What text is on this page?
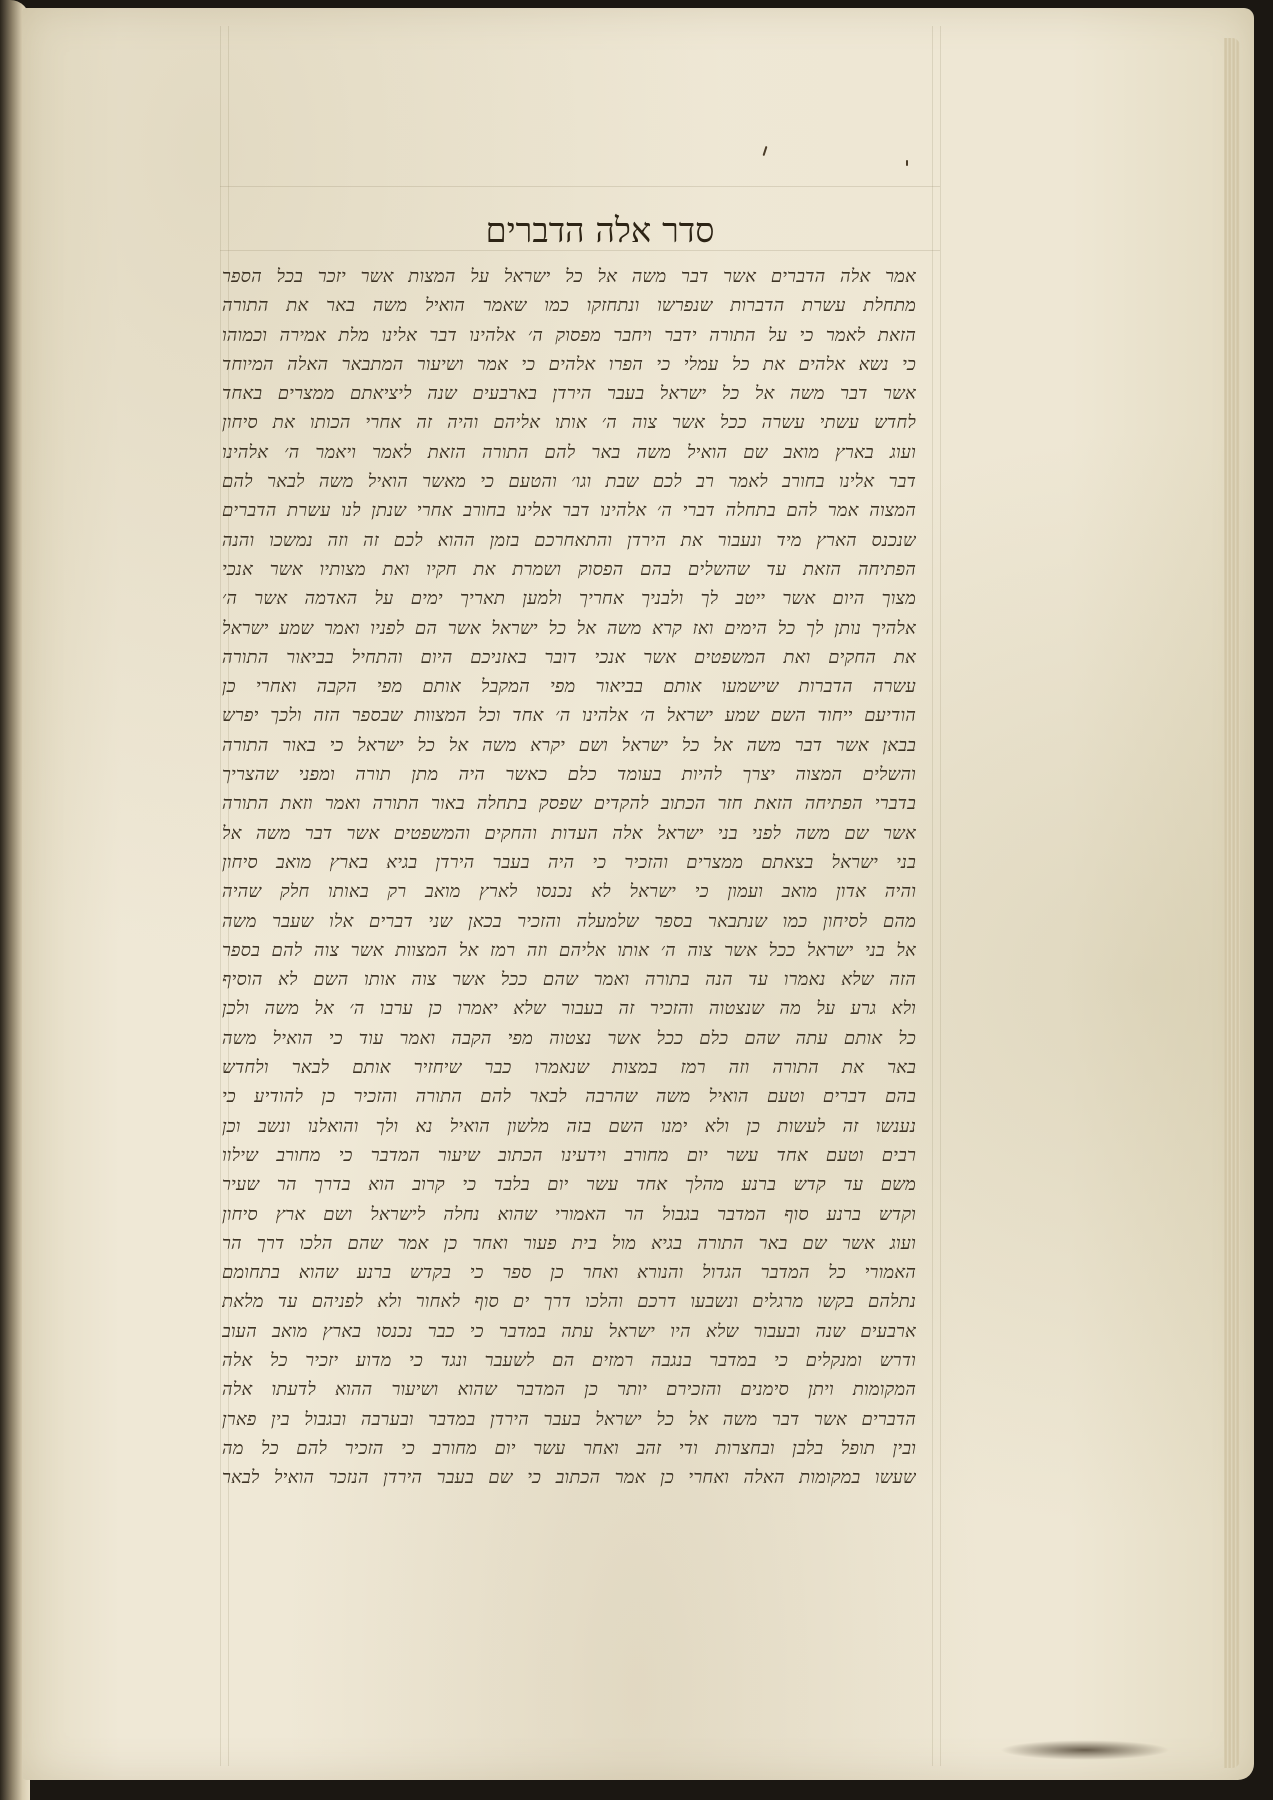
סדר אלה הדברים
אמר אלה הדברים אשר דבר משה אל כל ישראל על המצות אשר יזכר בכל הספר
מתחלת עשרת הדברות שנפרשו ונתחזקו כמו שאמר הואיל משה באר את התורה
הזאת לאמר כי על התורה ידבר ויחבר מפסוק ה׳ אלהינו דבר אלינו מלת אמירה וכמוהו
כי נשא אלהים את כל עמלי כי הפרו אלהים כי אמר ושיעור המתבאר האלה המיוחד
אשר דבר משה אל כל ישראל בעבר הירדן בארבעים שנה ליציאתם ממצרים באחד
לחדש עשתי עשרה ככל אשר צוה ה׳ אותו אליהם והיה זה אחרי הכותו את סיחון
ועוג בארץ מואב שם הואיל משה באר להם התורה הזאת לאמר ויאמר ה׳ אלהינו
דבר אלינו בחורב לאמר רב לכם שבת וגו׳ והטעם כי מאשר הואיל משה לבאר להם
המצוה אמר להם בתחלה דברי ה׳ אלהינו דבר אלינו בחורב אחרי שנתן לנו עשרת הדברים
שנכנס הארץ מיד ונעבור את הירדן והתאחרכם בזמן ההוא לכם זה וזה נמשכו והנה
הפתיחה הזאת עד שהשלים בהם הפסוק ושמרת את חקיו ואת מצותיו אשר אנכי
מצוך היום אשר ייטב לך ולבניך אחריך ולמען תאריך ימים על האדמה אשר ה׳
אלהיך נותן לך כל הימים ואז קרא משה אל כל ישראל אשר הם לפניו ואמר שמע ישראל
את החקים ואת המשפטים אשר אנכי דובר באזניכם היום והתחיל בביאור התורה
עשרה הדברות שישמעו אותם בביאור מפי המקבל אותם מפי הקבה ואחרי כן
הודיעם ייחוד השם שמע ישראל ה׳ אלהינו ה׳ אחד וכל המצוות שבספר הזה ולכך יפרש
בבאן אשר דבר משה אל כל ישראל ושם יקרא משה אל כל ישראל כי באור התורה
והשלים המצוה יצרך להיות בעומד כלם כאשר היה מתן תורה ומפני שהצריך
בדברי הפתיחה הזאת חזר הכתוב להקדים שפסק בתחלה באור התורה ואמר וזאת התורה
אשר שם משה לפני בני ישראל אלה העדות והחקים והמשפטים אשר דבר משה אל
בני ישראל בצאתם ממצרים והזכיר כי היה בעבר הירדן בגיא בארץ מואב סיחון
והיה אדון מואב ועמון כי ישראל לא נכנסו לארץ מואב רק באותו חלק שהיה
מהם לסיחון כמו שנתבאר בספר שלמעלה והזכיר בכאן שני דברים אלו שעבר משה
אל בני ישראל ככל אשר צוה ה׳ אותו אליהם וזה רמז אל המצוות אשר צוה להם בספר
הזה שלא נאמרו עד הנה בתורה ואמר שהם ככל אשר צוה אותו השם לא הוסיף
ולא גרע על מה שנצטוה והזכיר זה בעבור שלא יאמרו כן ערבו ה׳ אל משה ולכן
כל אותם עתה שהם כלם ככל אשר נצטוה מפי הקבה ואמר עוד כי הואיל משה
באר את התורה וזה רמז במצות שנאמרו כבר שיחזיר אותם לבאר ולחדש
בהם דברים וטעם הואיל משה שהרבה לבאר להם התורה והזכיר כן להודיע כי
נענשו זה לעשות כן ולא ימנו השם בזה מלשון הואיל נא ולך והואלנו ונשב וכן
רבים וטעם אחד עשר יום מחורב וידעינו הכתוב שיעור המדבר כי מחורב שילוו
משם עד קדש ברנע מהלך אחד עשר יום בלבד כי קרוב הוא בדרך הר שעיר
וקדש ברנע סוף המדבר בגבול הר האמורי שהוא נחלה לישראל ושם ארץ סיחון
ועוג אשר שם באר התורה בגיא מול בית פעור ואחר כן אמר שהם הלכו דרך הר
האמורי כל המדבר הגדול והנורא ואחר כן ספר כי בקדש ברנע שהוא בתחומם
נתלהם בקשו מרגלים ונשבעו דרכם והלכו דרך ים סוף לאחור ולא לפניהם עד מלאת
ארבעים שנה ובעבור שלא היו ישראל עתה במדבר כי כבר נכנסו בארץ מואב העוב
ודרש ומנקלים כי במדבר בנגבה רמזים הם לשעבר ונגד כי מדוע יזכיר כל אלה
המקומות ויתן סימנים והזכירם יותר כן המדבר שהוא ושיעור ההוא לדעתו אלה
הדברים אשר דבר משה אל כל ישראל בעבר הירדן במדבר ובערבה ובגבול בין פארן
ובין תופל בלבן ובחצרות ודי זהב ואחר עשר יום מחורב כי הזכיר להם כל מה
שעשו במקומות האלה ואחרי כן אמר הכתוב כי שם בעבר הירדן הנזכר הואיל לבאר
